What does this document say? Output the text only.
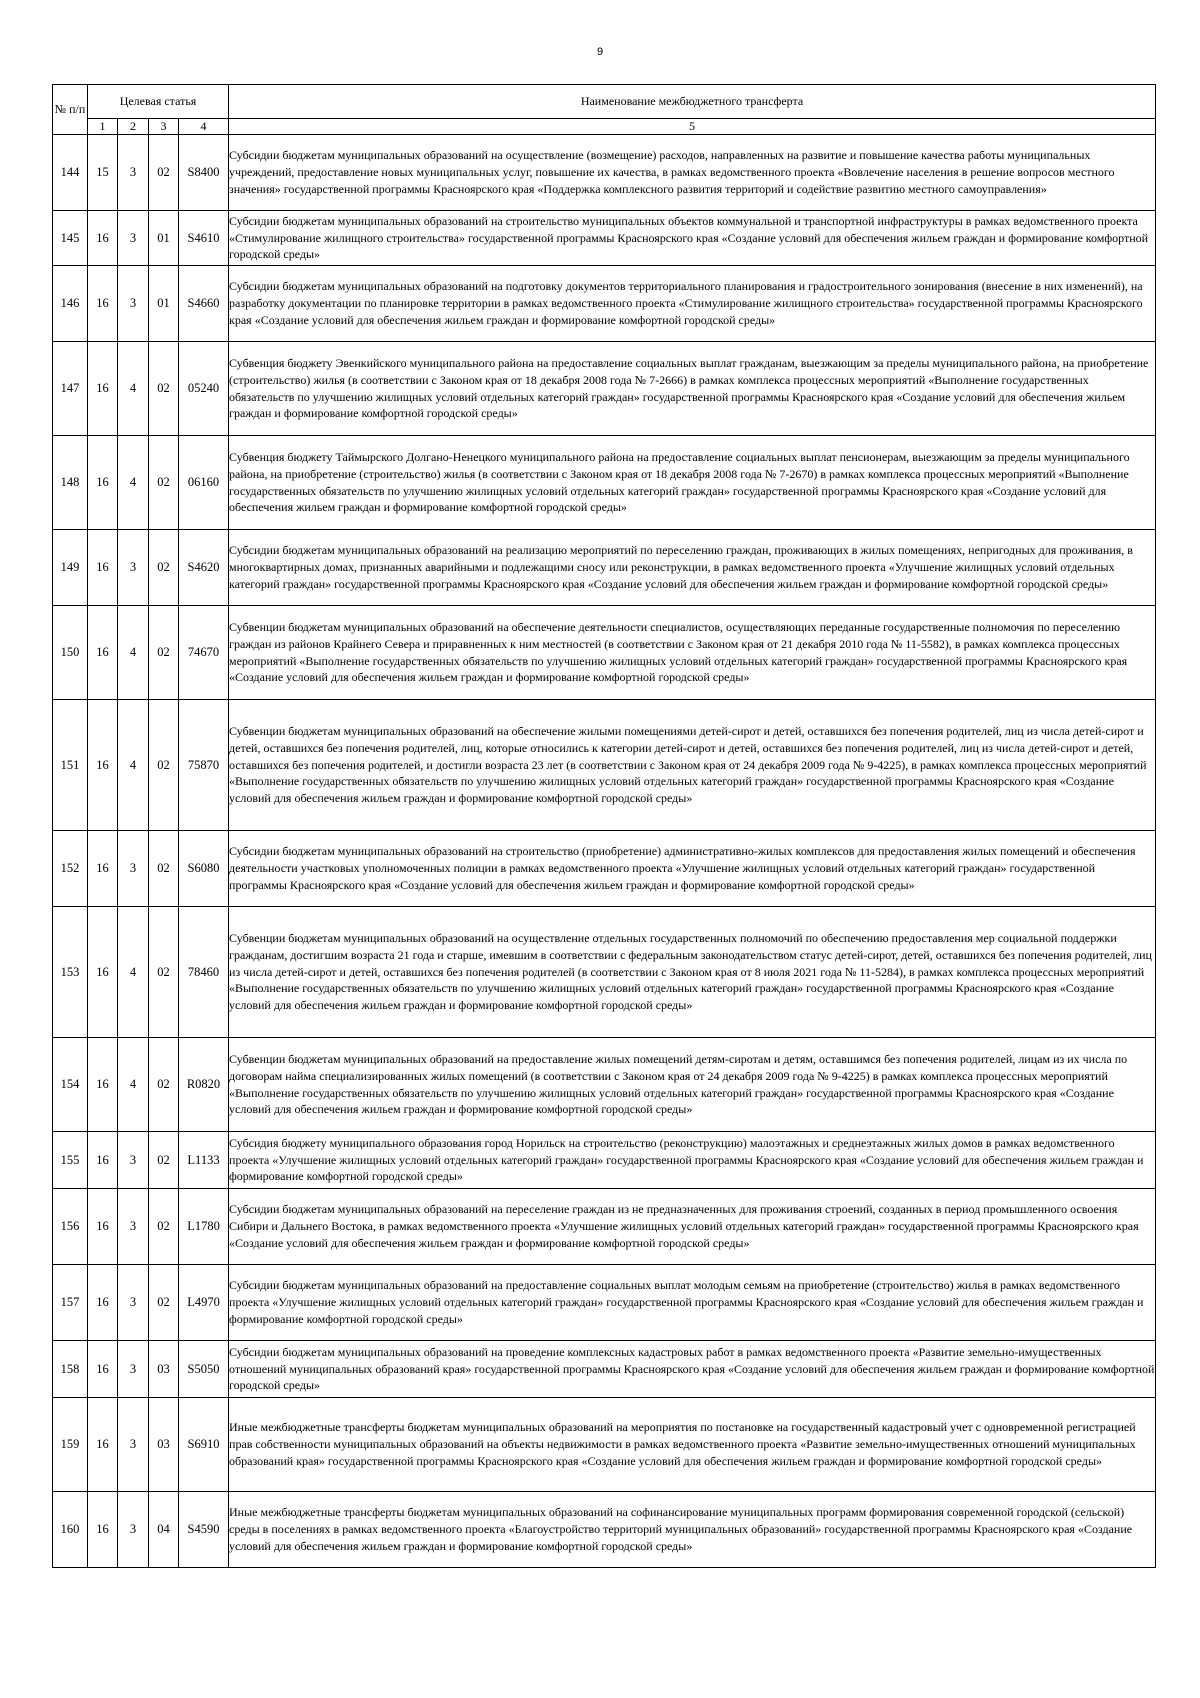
9
№ п/п	Целевая статья				Наименование межбюджетного трансферта
	1	2	3	4	5
144	15	3	02	S8400	Субсидии бюджетам муниципальных образований на осуществление (возмещение) расходов, направленных на развитие и повышение качества работы муниципальных учреждений, предоставление новых муниципальных услуг, повышение их качества, в рамках ведомственного проекта «Вовлечение населения в решение вопросов местного значения» государственной программы Красноярского края «Поддержка комплексного развития территорий и содействие развитию местного самоуправления»
145	16	3	01	S4610	Субсидии бюджетам муниципальных образований на строительство муниципальных объектов коммунальной и транспортной инфраструктуры в рамках ведомственного проекта «Стимулирование жилищного строительства» государственной программы Красноярского края «Создание условий для обеспечения жильем граждан и формирование комфортной городской среды»
146	16	3	01	S4660	Субсидии бюджетам муниципальных образований на подготовку документов территориального планирования и градостроительного зонирования (внесение в них изменений), на разработку документации по планировке территории в рамках ведомственного проекта «Стимулирование жилищного строительства» государственной программы Красноярского края «Создание условий для обеспечения жильем граждан и формирование комфортной городской среды»
147	16	4	02	05240	Субвенция бюджету Эвенкийского муниципального района на предоставление социальных выплат гражданам, выезжающим за пределы муниципального района, на приобретение (строительство) жилья (в соответствии с Законом края от 18 декабря 2008 года № 7-2666) в рамках комплекса процессных мероприятий «Выполнение государственных обязательств по улучшению жилищных условий отдельных категорий граждан» государственной программы Красноярского края «Создание условий для обеспечения жильем граждан и формирование комфортной городской среды»
148	16	4	02	06160	Субвенция бюджету Таймырского Долгано-Ненецкого муниципального района на предоставление социальных выплат пенсионерам, выезжающим за пределы муниципального района, на приобретение (строительство) жилья (в соответствии с Законом края от 18 декабря 2008 года № 7-2670) в рамках комплекса процессных мероприятий «Выполнение государственных обязательств по улучшению жилищных условий отдельных категорий граждан» государственной программы Красноярского края «Создание условий для обеспечения жильем граждан и формирование комфортной городской среды»
149	16	3	02	S4620	Субсидии бюджетам муниципальных образований на реализацию мероприятий по переселению граждан, проживающих в жилых помещениях, непригодных для проживания, в многоквартирных домах, признанных аварийными и подлежащими сносу или реконструкции, в рамках ведомственного проекта «Улучшение жилищных условий отдельных категорий граждан» государственной программы Красноярского края «Создание условий для обеспечения жильем граждан и формирование комфортной городской среды»
150	16	4	02	74670	Субвенции бюджетам муниципальных образований на обеспечение деятельности специалистов, осуществляющих переданные государственные полномочия по переселению граждан из районов Крайнего Севера и приравненных к ним местностей (в соответствии с Законом края от 21 декабря 2010 года № 11-5582), в рамках комплекса процессных мероприятий «Выполнение государственных обязательств по улучшению жилищных условий отдельных категорий граждан» государственной программы Красноярского края «Создание условий для обеспечения жильем граждан и формирование комфортной городской среды»
151	16	4	02	75870	Субвенции бюджетам муниципальных образований на обеспечение жилыми помещениями детей-сирот и детей, оставшихся без попечения родителей, лиц из числа детей-сирот и детей, оставшихся без попечения родителей, лиц, которые относились к категории детей-сирот и детей, оставшихся без попечения родителей, лиц из числа детей-сирот и детей, оставшихся без попечения родителей, и достигли возраста 23 лет (в соответствии с Законом края от 24 декабря 2009 года № 9-4225), в рамках комплекса процессных мероприятий «Выполнение государственных обязательств по улучшению жилищных условий отдельных категорий граждан» государственной программы Красноярского края «Создание условий для обеспечения жильем граждан и формирование комфортной городской среды»
152	16	3	02	S6080	Субсидии бюджетам муниципальных образований на строительство (приобретение) административно-жилых комплексов для предоставления жилых помещений и обеспечения деятельности участковых уполномоченных полиции в рамках ведомственного проекта «Улучшение жилищных условий отдельных категорий граждан» государственной программы Красноярского края «Создание условий для обеспечения жильем граждан и формирование комфортной городской среды»
153	16	4	02	78460	Субвенции бюджетам муниципальных образований на осуществление отдельных государственных полномочий по обеспечению предоставления мер социальной поддержки гражданам, достигшим возраста 21 года и старше, имевшим в соответствии с федеральным законодательством статус детей-сирот, детей, оставшихся без попечения родителей, лиц из числа детей-сирот и детей, оставшихся без попечения родителей (в соответствии с Законом края от 8 июля 2021 года № 11-5284), в рамках комплекса процессных мероприятий «Выполнение государственных обязательств по улучшению жилищных условий отдельных категорий граждан» государственной программы Красноярского края «Создание условий для обеспечения жильем граждан и формирование комфортной городской среды»
154	16	4	02	R0820	Субвенции бюджетам муниципальных образований на предоставление жилых помещений детям-сиротам и детям, оставшимся без попечения родителей, лицам из их числа по договорам найма специализированных жилых помещений (в соответствии с Законом края от 24 декабря 2009 года № 9-4225) в рамках комплекса процессных мероприятий «Выполнение государственных обязательств по улучшению жилищных условий отдельных категорий граждан» государственной программы Красноярского края «Создание условий для обеспечения жильем граждан и формирование комфортной городской среды»
155	16	3	02	L1133	Субсидия бюджету муниципального образования город Норильск на строительство (реконструкцию) малоэтажных и среднеэтажных жилых домов в рамках ведомственного проекта «Улучшение жилищных условий отдельных категорий граждан» государственной программы Красноярского края «Создание условий для обеспечения жильем граждан и формирование комфортной городской среды»
156	16	3	02	L1780	Субсидии бюджетам муниципальных образований на переселение граждан из не предназначенных для проживания строений, созданных в период промышленного освоения Сибири и Дальнего Востока, в рамках ведомственного проекта «Улучшение жилищных условий отдельных категорий граждан» государственной программы Красноярского края «Создание условий для обеспечения жильем граждан и формирование комфортной городской среды»
157	16	3	02	L4970	Субсидии бюджетам муниципальных образований на предоставление социальных выплат молодым семьям на приобретение (строительство) жилья в рамках ведомственного проекта «Улучшение жилищных условий отдельных категорий граждан» государственной программы Красноярского края «Создание условий для обеспечения жильем граждан и формирование комфортной городской среды»
158	16	3	03	S5050	Субсидии бюджетам муниципальных образований на проведение комплексных кадастровых работ в рамках ведомственного проекта «Развитие земельно-имущественных отношений муниципальных образований края» государственной программы Красноярского края «Создание условий для обеспечения жильем граждан и формирование комфортной городской среды»
159	16	3	03	S6910	Иные межбюджетные трансферты бюджетам муниципальных образований на мероприятия по постановке на государственный кадастровый учет с одновременной регистрацией прав собственности муниципальных образований на объекты недвижимости в рамках ведомственного проекта «Развитие земельно-имущественных отношений муниципальных образований края» государственной программы Красноярского края «Создание условий для обеспечения жильем граждан и формирование комфортной городской среды»
160	16	3	04	S4590	Иные межбюджетные трансферты бюджетам муниципальных образований на софинансирование муниципальных программ формирования современной городской (сельской) среды в поселениях в рамках ведомственного проекта «Благоустройство территорий муниципальных образований» государственной программы Красноярского края «Создание условий для обеспечения жильем граждан и формирование комфортной городской среды»
